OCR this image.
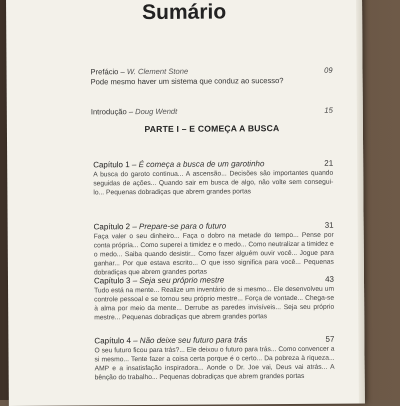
Sumário
Prefácio – W. Clement Stone	09
Pode mesmo haver um sistema que conduz ao sucesso?
Introdução – Doug Wendt	15
PARTE I – E COMEÇA A BUSCA
Capítulo 1 – É começa a busca de um garotinho	21
A busca do garoto continua... A ascensão... Decisões são importantes quando seguidas de ações... Quando sair em busca de algo, não volte sem consegui-lo... Pequenas dobradiças que abrem grandes portas
Capítulo 2 – Prepare-se para o futuro	31
Faça valer o seu dinheiro... Faça o dobro na metade do tempo... Pense por conta própria... Como superei a timidez e o medo... Como neutralizar a timidez e o medo... Saiba quando desistir... Como fazer alguém ouvir você... Jogue para ganhar... Por que estava escrito... O que isso significa para você... Pequenas dobradiças que abrem grandes portas
Capítulo 3 – Seja seu próprio mestre	43
Tudo está na mente... Realize um inventário de si mesmo... Ele desenvolveu um controle pessoal e se tornou seu próprio mestre... Força de vontade... Chega-se à alma por meio da mente... Derrube as paredes invisíveis... Seja seu próprio mestre... Pequenas dobradiças que abrem grandes portas
Capítulo 4 – Não deixe seu futuro para trás	57
O seu futuro ficou para trás?... Ele deixou o futuro para trás... Como convencer a si mesmo... Tente fazer a coisa certa porque é o certo... Da pobreza à riqueza... AMP e a insatisfação inspiradora... Aonde o Dr. Joe vai, Deus vai atrás... A bênção do trabalho... Pequenas dobradiças que abrem grandes portas
